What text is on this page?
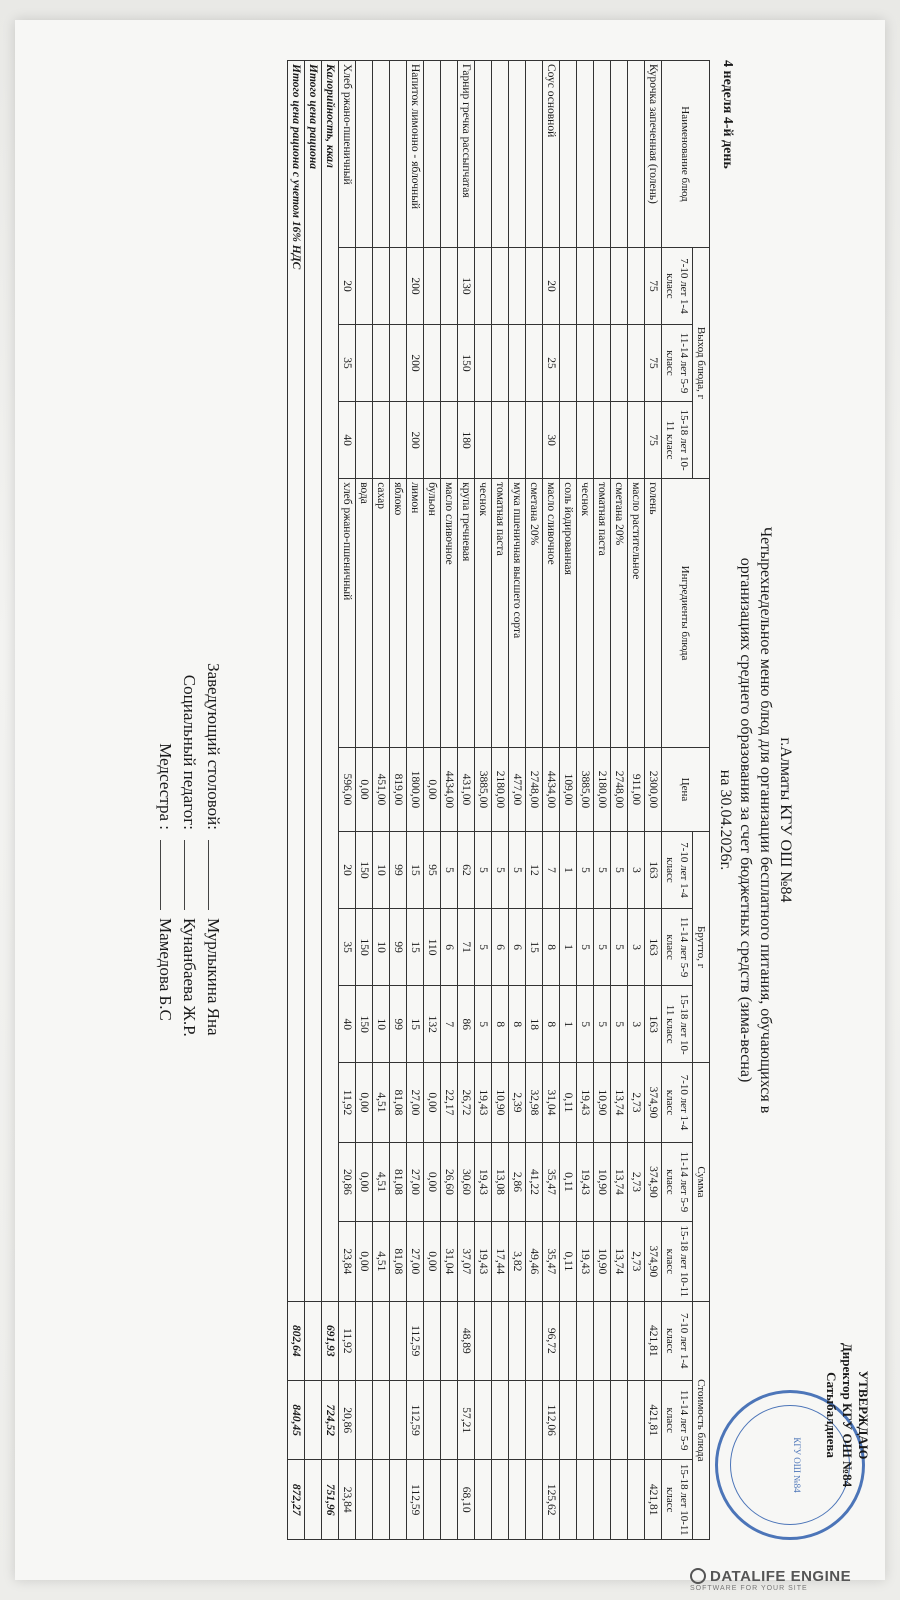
КГУ ОШ №84
УТВЕРЖДАЮ
Директор КГУ ОШ №84
Сатыбалдиева
г.Алматы КГУ ОШ №84
Четырехнедельное меню блюд для организации бесплатного питания, обучающихся в
организациях среднего образования за счет бюджетных средств (зима-весна)
на 30.04.2026г.
4 неделя 4-й день
Наименование блюд	Выход блюда, г			Ингредиенты блюда	Цена	Брутто, г			Сумма			Стоимость блюда		
	7-10 лет 1-4 класс	11-14 лет 5-9 класс	15-18 лет 10-11 класс			7-10 лет 1-4 класс	11-14 лет 5-9 класс	15-18 лет 10-11 класс	7-10 лет 1-4 класс	11-14 лет 5-9 класс	15-18 лет 10-11 класс	7-10 лет 1-4 класс	11-14 лет 5-9 класс	15-18 лет 10-11 класс
Курочка запеченная (голень)	75	75	75	голень	2300,00	163	163	163	374,90	374,90	374,90	421,81	421,81	421,81
				масло растительное	911,00	3	3	3	2,73	2,73	2,73			
				сметана 20%	2748,00	5	5	5	13,74	13,74	13,74			
				томатная паста	2180,00	5	5	5	10,90	10,90	10,90			
				чеснок	3885,00	5	5	5	19,43	19,43	19,43			
				соль йодированная	109,00	1	1	1	0,11	0,11	0,11			
Соус основной	20	25	30	масло сливочное	4434,00	7	8	8	31,04	35,47	35,47	96,72	112,06	125,62
				сметана 20%	2748,00	12	15	18	32,98	41,22	49,46			
				мука пшеничная высшего сорта	477,00	5	6	8	2,39	2,86	3,82			
				томатная паста	2180,00	5	6	8	10,90	13,08	17,44			
				чеснок	3885,00	5	5	5	19,43	19,43	19,43			
Гарнир гречка рассыпчатая	130	150	180	крупа гречневая	431,00	62	71	86	26,72	30,60	37,07	48,89	57,21	68,10
				масло сливочное	4434,00	5	6	7	22,17	26,60	31,04			
				бульон	0,00	95	110	132	0,00	0,00	0,00			
Напиток лимонно - яблочный	200	200	200	лимон	1800,00	15	15	15	27,00	27,00	27,00	112,59	112,59	112,59
				яблоко	819,00	99	99	99	81,08	81,08	81,08			
				сахар	451,00	10	10	10	4,51	4,51	4,51			
				вода	0,00	150	150	150	0,00	0,00	0,00			
Хлеб ржано-пшеничный	20	35	40	хлеб ржано-пшеничный	596,00	20	35	40	11,92	20,86	23,84	11,92	20,86	23,84
Калорийность, ккал												691,93	724,52	751,96
Итого цена рациона														
Итого цена рациона с учетом 16% НДС												802,64	840,45	872,27
Заведующий столовой:
Мурлыкина Яна
Социальный педагог:
Кунанбаева Ж.Р.
Медсестра :
Мамедова Б.С
DATALIFE ENGINE
SOFTWARE FOR YOUR SITE
